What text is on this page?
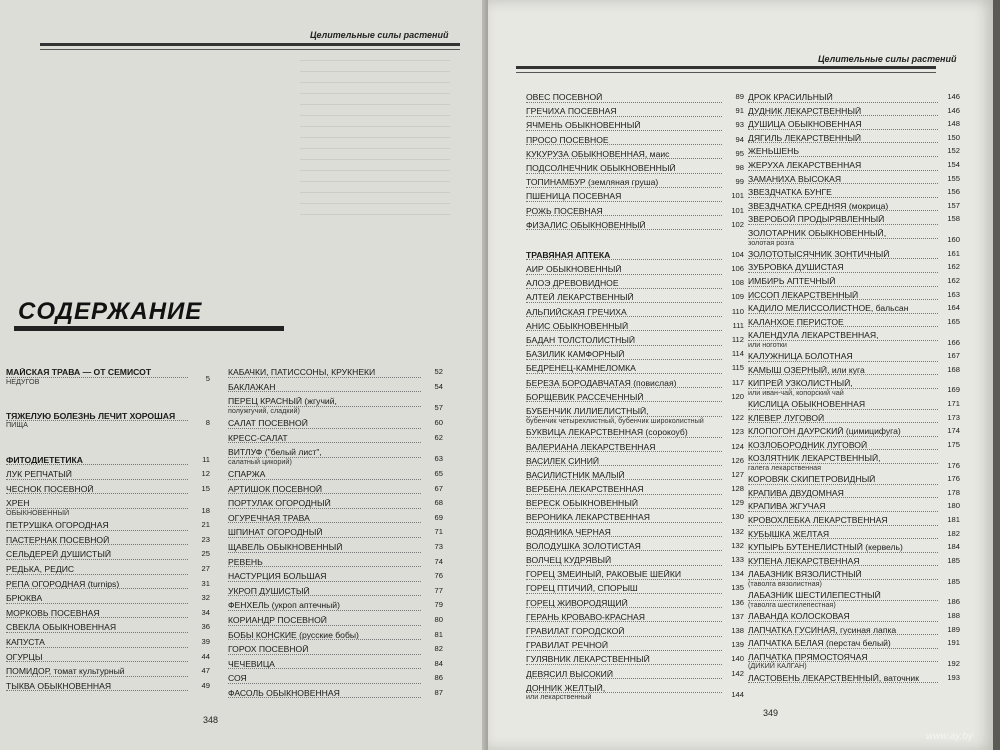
Целительные силы растений
СОДЕРЖАНИЕ
МАЙСКАЯ ТРАВА — ОТ СЕМИСОТ
НЕДУГОВ	5
ТЯЖЕЛУЮ БОЛЕЗНЬ ЛЕЧИТ ХОРОШАЯ
ПИЩА	8
ФИТОДИЕТЕТИКА	11
ЛУК РЕПЧАТЫЙ	12
ЧЕСНОК ПОСЕВНОЙ	15
ХРЕН
ОБЫКНОВЕННЫЙ	18
ПЕТРУШКА ОГОРОДНАЯ	21
ПАСТЕРНАК ПОСЕВНОЙ	23
СЕЛЬДЕРЕЙ ДУШИСТЫЙ	25
РЕДЬКА, РЕДИС	27
РЕПА ОГОРОДНАЯ (turnips)	31
БРЮКВА	32
МОРКОВЬ ПОСЕВНАЯ	34
СВЕКЛА ОБЫКНОВЕННАЯ	36
КАПУСТА	39
ОГУРЦЫ	44
ПОМИДОР, томат культурный	47
ТЫКВА ОБЫКНОВЕННАЯ	49
КАБАЧКИ, ПАТИССОНЫ, КРУКНЕКИ	52
БАКЛАЖАН	54
ПЕРЕЦ КРАСНЫЙ (жгучий,
полужгучий, сладкий)	57
САЛАТ ПОСЕВНОЙ	60
КРЕСС-САЛАТ	62
ВИТЛУФ ("белый лист",
салатный цикорий)	63
СПАРЖА	65
АРТИШОК ПОСЕВНОЙ	67
ПОРТУЛАК ОГОРОДНЫЙ	68
ОГУРЕЧНАЯ ТРАВА	69
ШПИНАТ ОГОРОДНЫЙ	71
ЩАВЕЛЬ ОБЫКНОВЕННЫЙ	73
РЕВЕНЬ	74
НАСТУРЦИЯ БОЛЬШАЯ	76
УКРОП ДУШИСТЫЙ	77
ФЕНХЕЛЬ (укроп аптечный)	79
КОРИАНДР ПОСЕВНОЙ	80
БОБЫ КОНСКИЕ (русские бобы)	81
ГОРОХ ПОСЕВНОЙ	82
ЧЕЧЕВИЦА	84
СОЯ	86
ФАСОЛЬ ОБЫКНОВЕННАЯ	87
348
Целительные силы растений
ОВЕС ПОСЕВНОЙ	89
ГРЕЧИХА ПОСЕВНАЯ	91
ЯЧМЕНЬ ОБЫКНОВЕННЫЙ	93
ПРОСО ПОСЕВНОЕ	94
КУКУРУЗА ОБЫКНОВЕННАЯ, маис	95
ПОДСОЛНЕЧНИК ОБЫКНОВЕННЫЙ	98
ТОПИНАМБУР (земляная груша)	99
ПШЕНИЦА ПОСЕВНАЯ	101
РОЖЬ ПОСЕВНАЯ	101
ФИЗАЛИС ОБЫКНОВЕННЫЙ	102
ТРАВЯНАЯ АПТЕКА	104
АИР ОБЫКНОВЕННЫЙ	106
АЛОЭ ДРЕВОВИДНОЕ	108
АЛТЕЙ ЛЕКАРСТВЕННЫЙ	109
АЛЬПИЙСКАЯ ГРЕЧИХА	110
АНИС ОБЫКНОВЕННЫЙ	111
БАДАН ТОЛСТОЛИСТНЫЙ	112
БАЗИЛИК КАМФОРНЫЙ	114
БЕДРЕНЕЦ-КАМНЕЛОМКА	115
БЕРЕЗА БОРОДАВЧАТАЯ (повислая)	117
БОРЩЕВИК РАССЕЧЕННЫЙ	120
БУБЕНЧИК ЛИЛИЕЛИСТНЫЙ,
бубенчик четырехлистный, бубенчик широколистный	122
БУКВИЦА ЛЕКАРСТВЕННАЯ (сорокоуб)	123
ВАЛЕРИАНА ЛЕКАРСТВЕННАЯ	124
ВАСИЛЕК СИНИЙ	126
ВАСИЛИСТНИК МАЛЫЙ	127
ВЕРБЕНА ЛЕКАРСТВЕННАЯ	128
ВЕРЕСК ОБЫКНОВЕННЫЙ	129
ВЕРОНИКА ЛЕКАРСТВЕННАЯ	130
ВОДЯНИКА ЧЕРНАЯ	132
ВОЛОДУШКА ЗОЛОТИСТАЯ	132
ВОЛЧЕЦ КУДРЯВЫЙ	133
ГОРЕЦ ЗМЕИНЫЙ, РАКОВЫЕ ШЕЙКИ	134
ГОРЕЦ ПТИЧИЙ, СПОРЫШ	135
ГОРЕЦ ЖИВОРОДЯЩИЙ	136
ГЕРАНЬ КРОВАВО-КРАСНАЯ	137
ГРАВИЛАТ ГОРОДСКОЙ	138
ГРАВИЛАТ РЕЧНОЙ	139
ГУЛЯВНИК ЛЕКАРСТВЕННЫЙ	140
ДЕВЯСИЛ ВЫСОКИЙ	142
ДОННИК ЖЕЛТЫЙ,
или лекарственный	144
ДРОК КРАСИЛЬНЫЙ	146
ДУДНИК ЛЕКАРСТВЕННЫЙ	146
ДУШИЦА ОБЫКНОВЕННАЯ	148
ДЯГИЛЬ ЛЕКАРСТВЕННЫЙ	150
ЖЕНЬШЕНЬ	152
ЖЕРУХА ЛЕКАРСТВЕННАЯ	154
ЗАМАНИХА ВЫСОКАЯ	155
ЗВЕЗДЧАТКА БУНГЕ	156
ЗВЕЗДЧАТКА СРЕДНЯЯ (мокрица)	157
ЗВЕРОБОЙ ПРОДЫРЯВЛЕННЫЙ	158
ЗОЛОТАРНИК ОБЫКНОВЕННЫЙ,
золотая розга	160
ЗОЛОТОТЫСЯЧНИК ЗОНТИЧНЫЙ	161
ЗУБРОВКА ДУШИСТАЯ	162
ИМБИРЬ АПТЕЧНЫЙ	162
ИССОП ЛЕКАРСТВЕННЫЙ	163
КАДИЛО МЕЛИССОЛИСТНОЕ, бальсан	164
КАЛАНХОЕ ПЕРИСТОЕ	165
КАЛЕНДУЛА ЛЕКАРСТВЕННАЯ,
или ноготки	166
КАЛУЖНИЦА БОЛОТНАЯ	167
КАМЫШ ОЗЕРНЫЙ, или куга	168
КИПРЕЙ УЗКОЛИСТНЫЙ,
или иван-чай, копорский чай	169
КИСЛИЦА ОБЫКНОВЕННАЯ	171
КЛЕВЕР ЛУГОВОЙ	173
КЛОПОГОН ДАУРСКИЙ (цимицифуга)	174
КОЗЛОБОРОДНИК ЛУГОВОЙ	175
КОЗЛЯТНИК ЛЕКАРСТВЕННЫЙ,
галега лекарственная	176
КОРОВЯК СКИПЕТРОВИДНЫЙ	176
КРАПИВА ДВУДОМНАЯ	178
КРАПИВА ЖГУЧАЯ	180
КРОВОХЛЕБКА ЛЕКАРСТВЕННАЯ	181
КУБЫШКА ЖЕЛТАЯ	182
КУПЫРЬ БУТЕНЕЛИСТНЫЙ (кервель)	184
КУПЕНА ЛЕКАРСТВЕННАЯ	185
ЛАБАЗНИК ВЯЗОЛИСТНЫЙ
(таволга вязолистная)	185
ЛАБАЗНИК ШЕСТИЛЕПЕСТНЫЙ
(таволга шестилепестная)	186
ЛАВАНДА КОЛОСКОВАЯ	188
ЛАПЧАТКА ГУСИНАЯ, гусиная лапка	189
ЛАПЧАТКА БЕЛАЯ (перстач белый)	191
ЛАПЧАТКА ПРЯМОСТОЯЧАЯ
(ДИКИЙ КАЛГАН)	192
ЛАСТОВЕНЬ ЛЕКАРСТВЕННЫЙ, ваточник	193
349
www.ay.by
